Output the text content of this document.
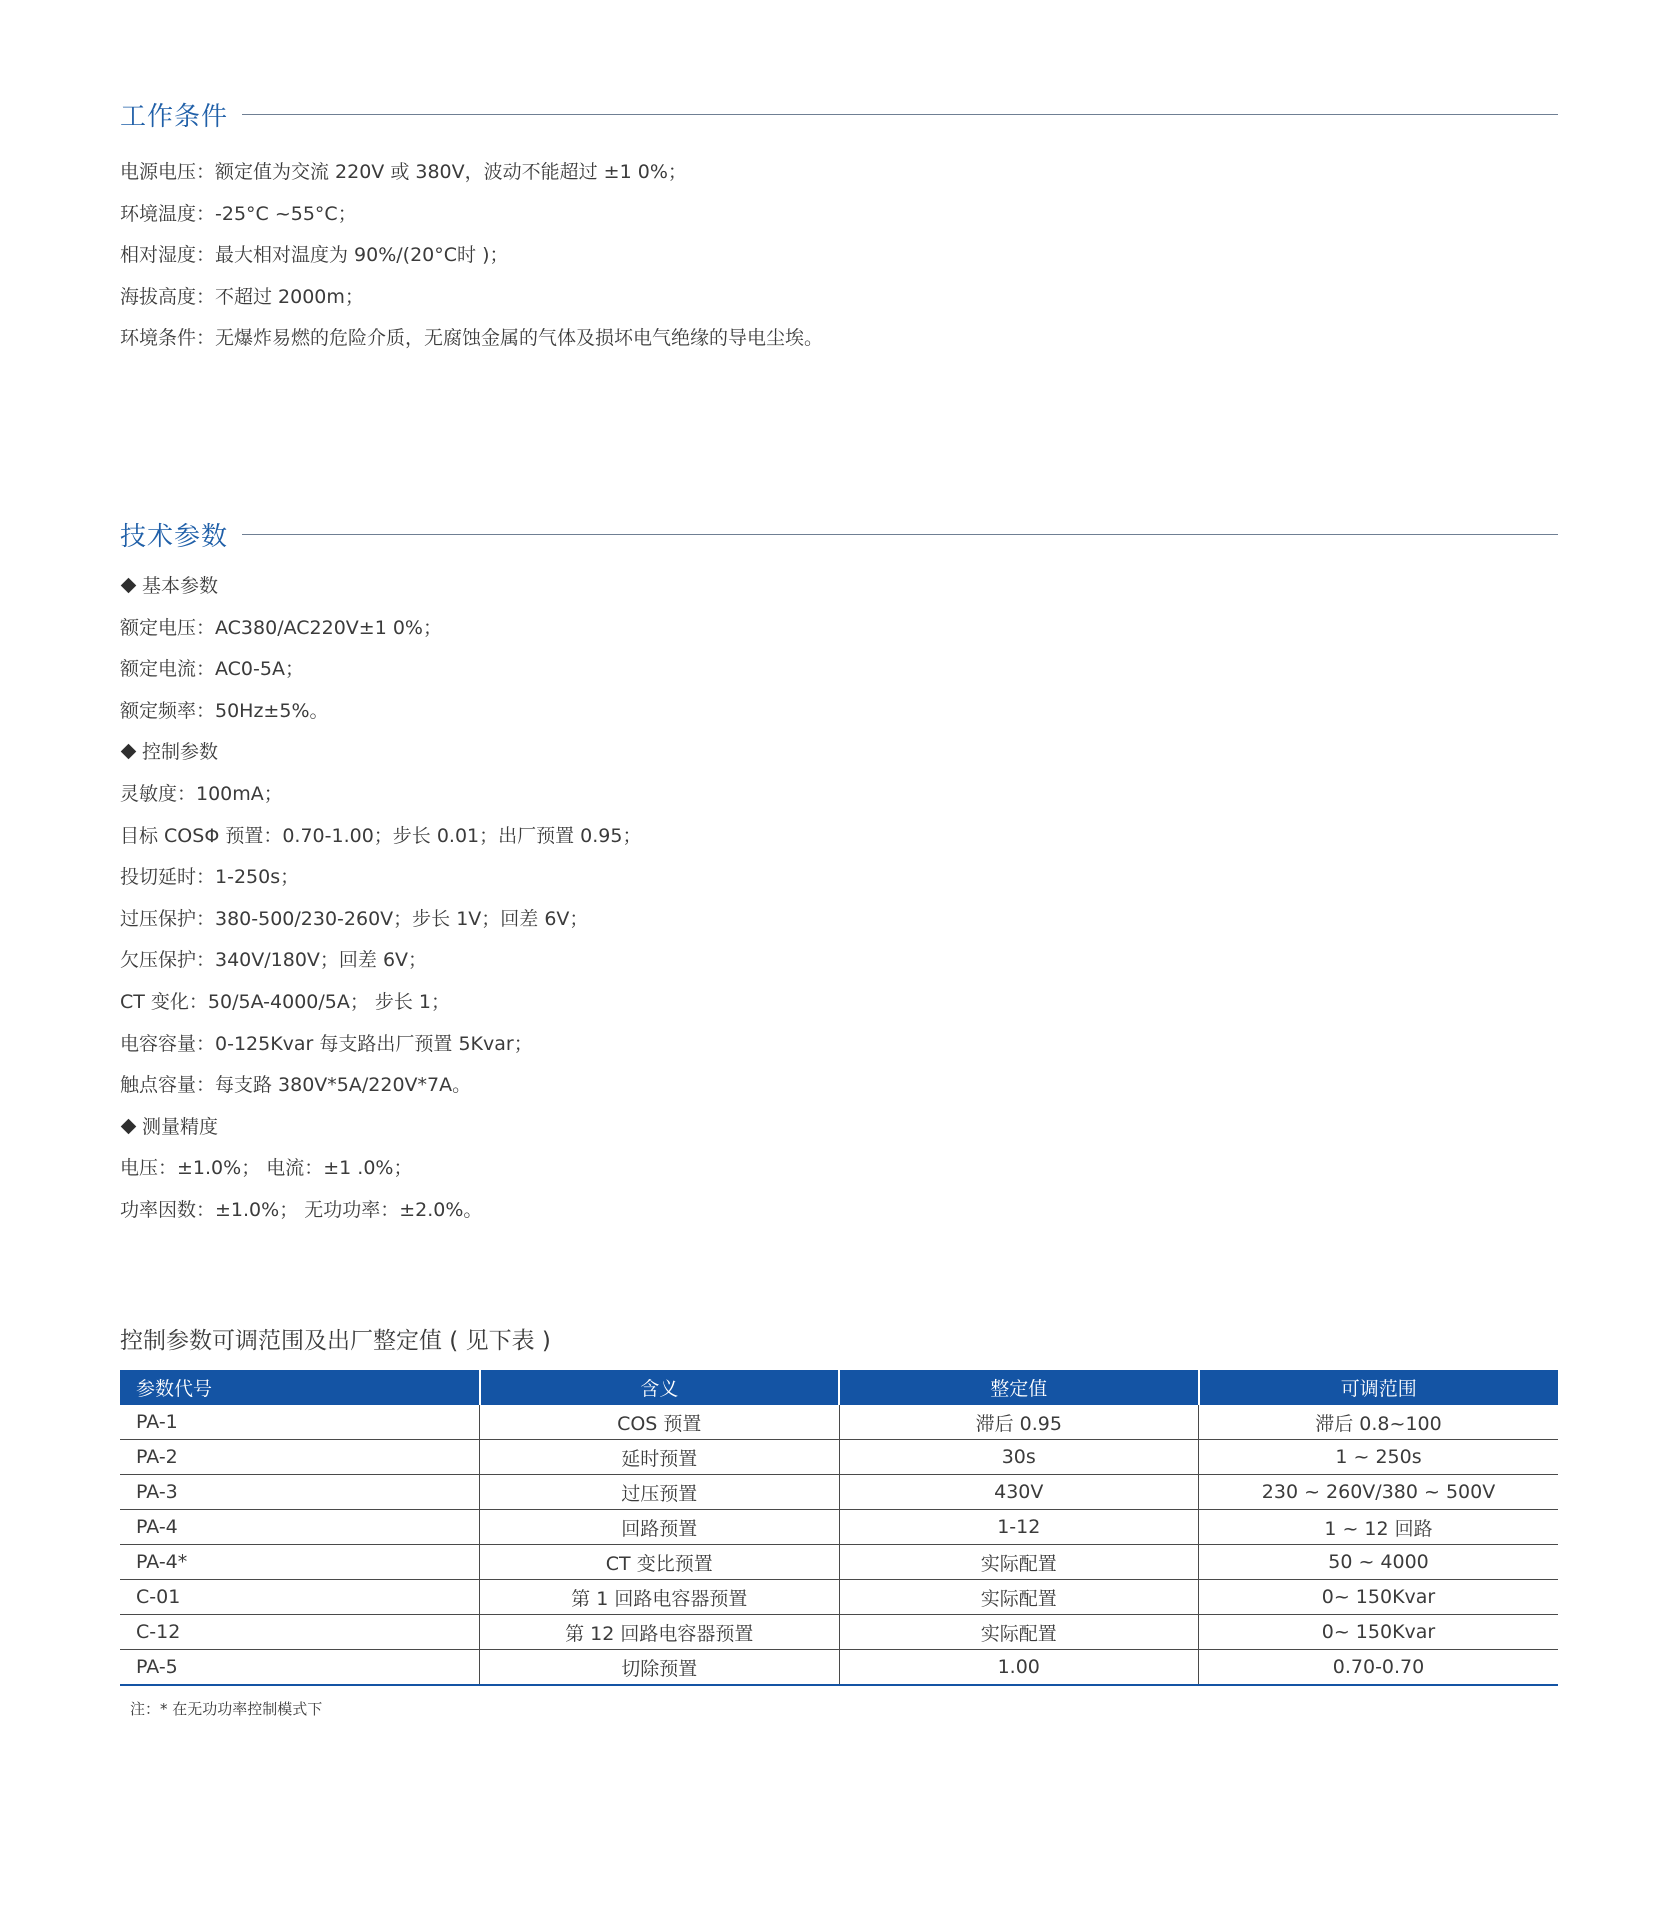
工作条件
电源电压：额定值为交流 220V 或 380V，波动不能超过 ±1 0%；
环境温度：-25°C ~55°C；
相对湿度：最大相对温度为 90%/(20°C时 )；
海拔高度：不超过 2000m；
环境条件：无爆炸易燃的危险介质，无腐蚀金属的气体及损坏电气绝缘的导电尘埃。
技术参数
基本参数
额定电压：AC380/AC220V±1 0%；
额定电流：AC0-5A；
额定频率：50Hz±5%。
控制参数
灵敏度：100mA；
目标 COSΦ 预置：0.70-1.00；步长 0.01；出厂预置 0.95；
投切延时：1-250s；
过压保护：380-500/230-260V；步长 1V；回差 6V；
欠压保护：340V/180V；回差 6V；
CT 变化：50/5A-4000/5A； 步长 1；
电容容量：0-125Kvar 每支路出厂预置 5Kvar；
触点容量：每支路 380V*5A/220V*7A。
测量精度
电压：±1.0%； 电流：±1 .0%；
功率因数：±1.0%； 无功功率：±2.0%。
控制参数可调范围及出厂整定值 ( 见下表 )
参数代号	含义	整定值	可调范围
PA-1	COS 预置	滞后 0.95	滞后 0.8~100
PA-2	延时预置	30s	1 ~ 250s
PA-3	过压预置	430V	230 ~ 260V/380 ~ 500V
PA-4	回路预置	1-12	1 ~ 12 回路
PA-4*	CT 变比预置	实际配置	50 ~ 4000
C-01	第 1 回路电容器预置	实际配置	0~ 150Kvar
C-12	第 12 回路电容器预置	实际配置	0~ 150Kvar
PA-5	切除预置	1.00	0.70-0.70
注：* 在无功功率控制模式下
